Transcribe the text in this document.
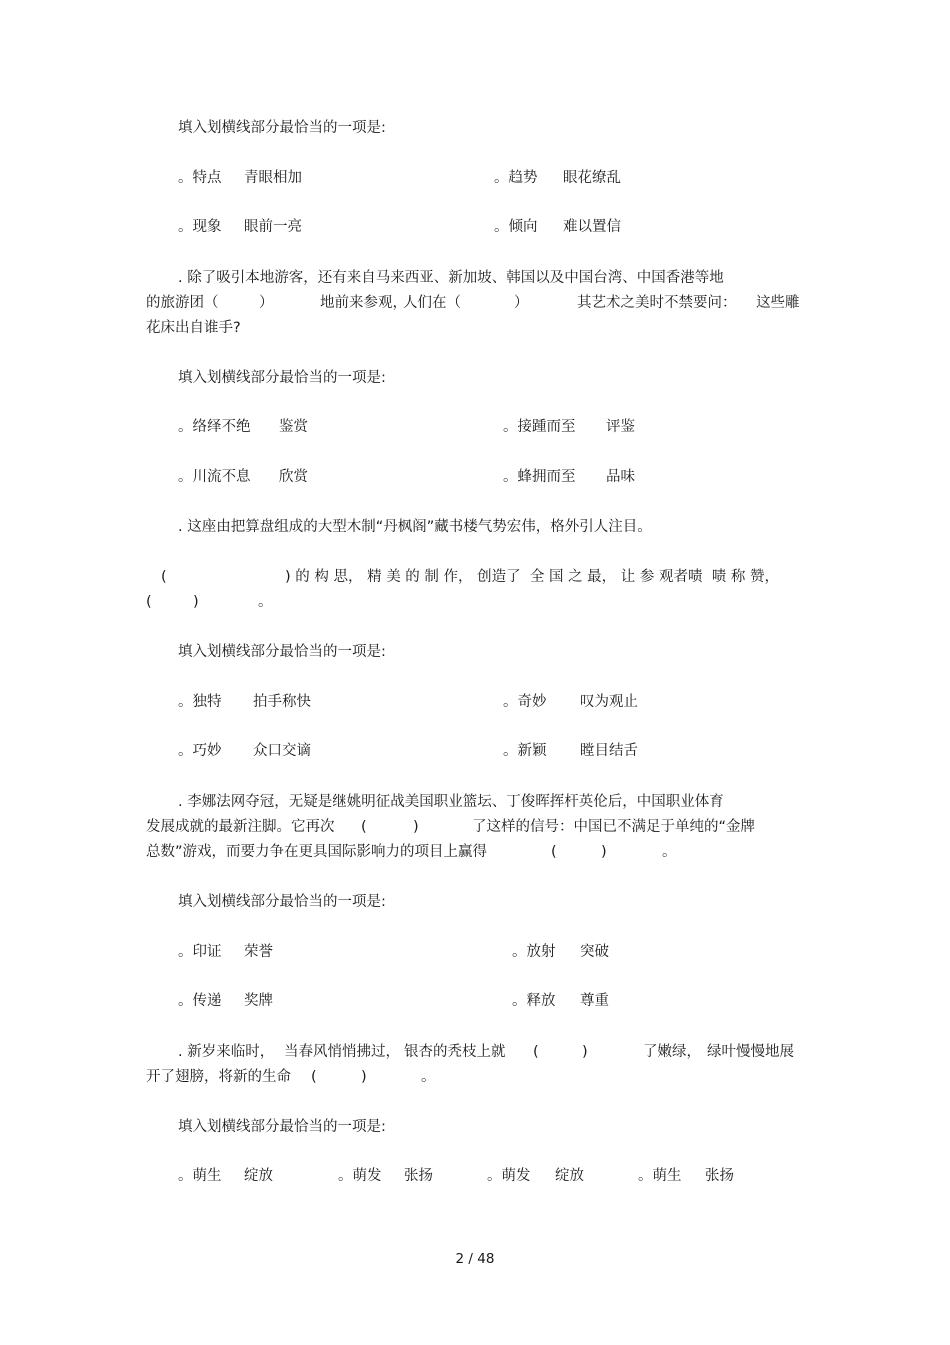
填入划横线部分最恰当的一项是:
。特点 青眼相加	。趋势 眼花缭乱
。现象 眼前一亮	。倾向 难以置信
. 除了吸引本地游客，还有来自马来西亚、新加坡、韩国以及中国台湾、中国香港等地
的旅游团（	）	地前来参观，
人们在（	）	其艺术之美时不禁要问： 这些雕
花床出自谁手?
填入划横线部分最恰当的一项是:
。络绎不绝 鉴赏	。接踵而至 评鉴
。川流不息 欣赏	。蜂拥而至 品味
. 这座由把算盘组成的大型木制“丹枫阁”藏书楼气势宏伟，格外引人注目。
(	) 的 构 思， 精 美 的 制 作， 创造了  全 国 之 最， 让 参 观者啧  啧 称 赞，
(	)	。
填入划横线部分最恰当的一项是:
。独特 拍手称快	。奇妙 叹为观止
。巧妙 众口交谪	。新颖 瞠目结舌
. 李娜法网夺冠，无疑是继姚明征战美国职业篮坛、丁俊晖挥杆英伦后，中国职业体育
发展成就的最新注脚。它再次 (	)	了这样的信号：中国已不满足于单纯的“金牌
总数”游戏，而要力争在更具国际影响力的项目上赢得	(	)	。
填入划横线部分最恰当的一项是:
。印证 荣誉	。放射 突破
。传递 奖牌	。释放 尊重
. 新岁来临时， 当春风悄悄拂过， 银杏的秃枝上就 (	)	了嫩绿， 绿叶慢慢地展
开了翅膀，将新的生命 (	)	。
填入划横线部分最恰当的一项是:
。萌生 绽放	。萌发 张扬	。萌发 绽放	。萌生 张扬
2 / 48
